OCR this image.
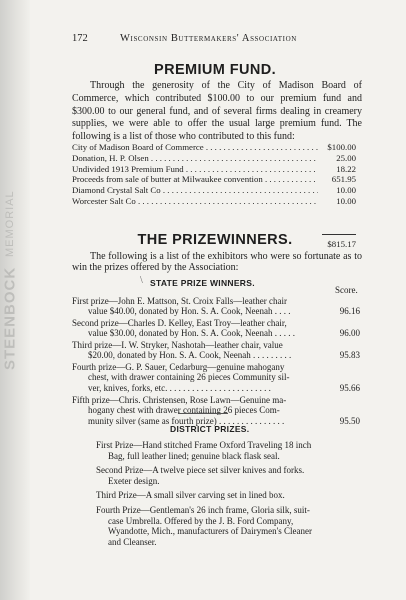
STEENBOCK
MEMORIAL
172	Wisconsin Buttermakers' Association
PREMIUM FUND.

Through the generosity of the City of Madison Board of Commerce, which contributed $100.00 to our premium fund and $300.00 to our general fund, and of several firms dealing in creamery supplies, we were able to offer the usual large premium fund. The following is a list of those who contributed to this fund:

City of Madison Board of Commerce . . .	$100.00
Donation, H. P. Olsen . . .	25.00
Undivided 1913 Premium Fund . . .	18.22
Proceeds from sale of butter at Milwaukee convention . . .	651.95
Diamond Crystal Salt Co . . .	10.00
Worcester Salt Co . . .	10.00
$815.17
THE PRIZEWINNERS.

The following is a list of the exhibitors who were so fortunate as to win the prizes offered by the Association:

\ STATE PRIZE WINNERS.
Score.
First prize—John E. Mattson, St. Croix Falls—leather chair
value $40.00, donated by Hon. S. A. Cook, Neenah . . . .	96.16
Second prize—Charles D. Kelley, East Troy—leather chair,
value $30.00, donated by Hon. S. A. Cook, Neenah . . . . .	96.00
Third prize—I. W. Stryker, Nashotah—leather chair, value
$20.00, donated by Hon. S. A. Cook, Neenah . . . . . . . . .	95.83
Fourth prize—G. P. Sauer, Cedarburg—genuine mahogany
chest, with drawer containing 26 pieces Community sil-
ver, knives, forks, etc. . . . . . . . . . . . . . . . . . . . . . . .	95.66
Fifth prize—Chris. Christensen, Rose Lawn—Genuine ma-
hogany chest with drawer containing 26 pieces Com-
munity silver (same as fourth prize) . . . . . . . . . . . . . . .	95.50
DISTRICT PRIZES.
First Prize—Hand stitched Frame Oxford Traveling 18 inch
Bag, full leather lined; genuine black flask seal.
Second Prize—A twelve piece set silver knives and forks.
Exeter design.
Third Prize—A small silver carving set in lined box.
Fourth Prize—Gentleman's 26 inch frame, Gloria silk, suit-
case Umbrella. Offered by the J. B. Ford Company,
Wyandotte, Mich., manufacturers of Dairymen's Cleaner
and Cleanser.
